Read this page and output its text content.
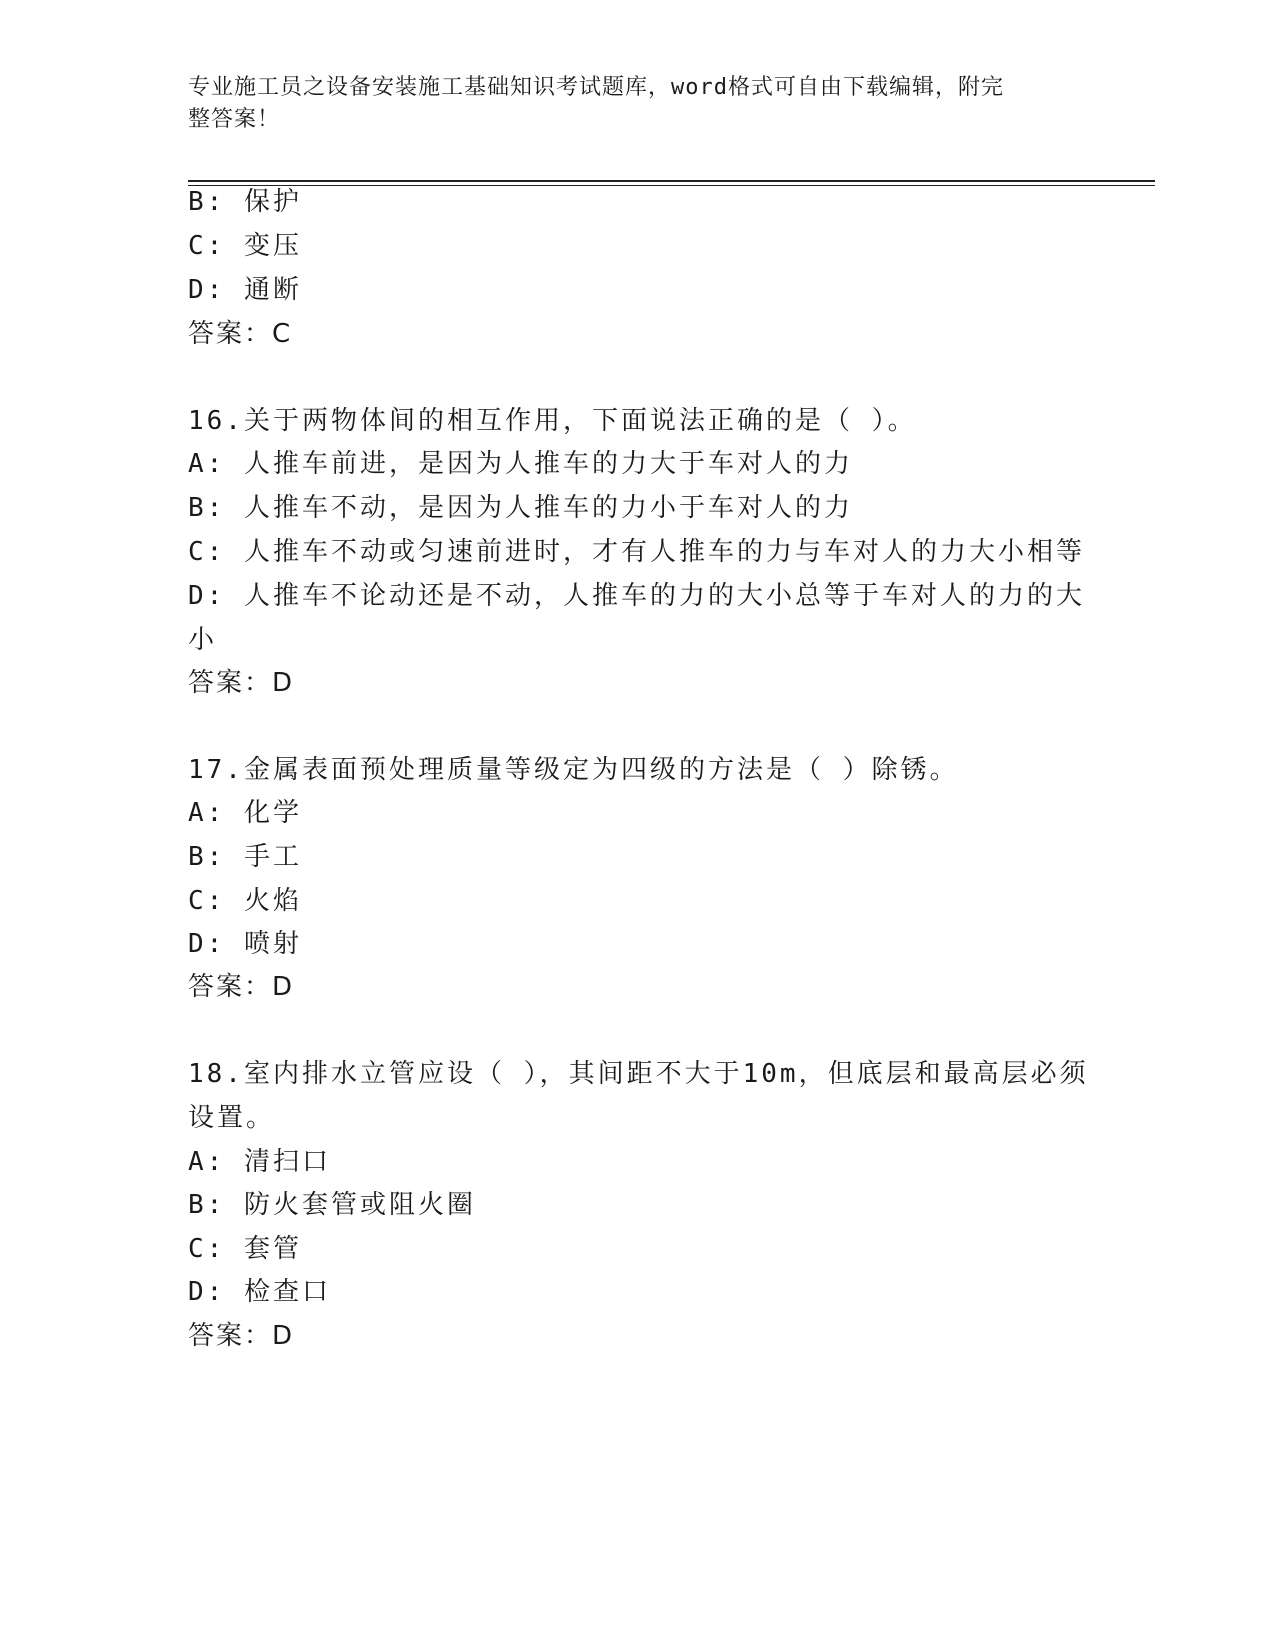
专业施工员之设备安装施工基础知识考试题库，word格式可自由下载编辑，附完
整答案！
B: 保护
C: 变压
D: 通断
答案：C
16.关于两物体间的相互作用，下面说法正确的是（ ）。
A: 人推车前进，是因为人推车的力大于车对人的力
B: 人推车不动，是因为人推车的力小于车对人的力
C: 人推车不动或匀速前进时，才有人推车的力与车对人的力大小相等
D: 人推车不论动还是不动，人推车的力的大小总等于车对人的力的大
小
答案：D
17.金属表面预处理质量等级定为四级的方法是（ ）除锈。
A: 化学
B: 手工
C: 火焰
D: 喷射
答案：D
18.室内排水立管应设（ ），其间距不大于10m，但底层和最高层必须
设置。
A: 清扫口
B: 防火套管或阻火圈
C: 套管
D: 检查口
答案：D
